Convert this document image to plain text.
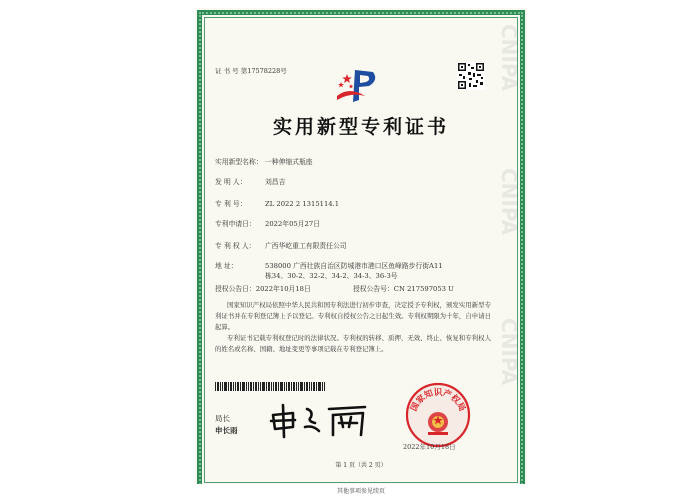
CNIPA
CNIPA
CNIPA
证 书 号 第17578228号
实用新型专利证书
实用新型名称： 一种伸缩式瓶座
发 明 人：	刘昌吉
专 利 号：	ZL 2022 2 1315114.1
专利申请日：	2022年05月27日
专 利 权 人：	广西华屹重工有限责任公司
地 址：	538000 广西壮族自治区防城港市港口区鱼峰路步行街A11
栋34、30-2、32-2、34-2、34-3、36-3号
授权公告日：2022年10月18日	授权公告号：CN 217597053 U
国家知识产权局依照中华人民共和国专利法进行初步审查，决定授予专利权，颁发实用新型专利证书并在专利登记簿上予以登记。专利权自授权公告之日起生效。专利权期限为十年，自申请日起算。
专利证书记载专利权登记时的法律状况。专利权的转移、质押、无效、终止、恢复和专利权人的姓名或名称、国籍、地址变更等事项记载在专利登记簿上。
局长
申长雨
国家知识产权局
2022年10月18日
第 1 页（共 2 页）
其他事项参见续页
